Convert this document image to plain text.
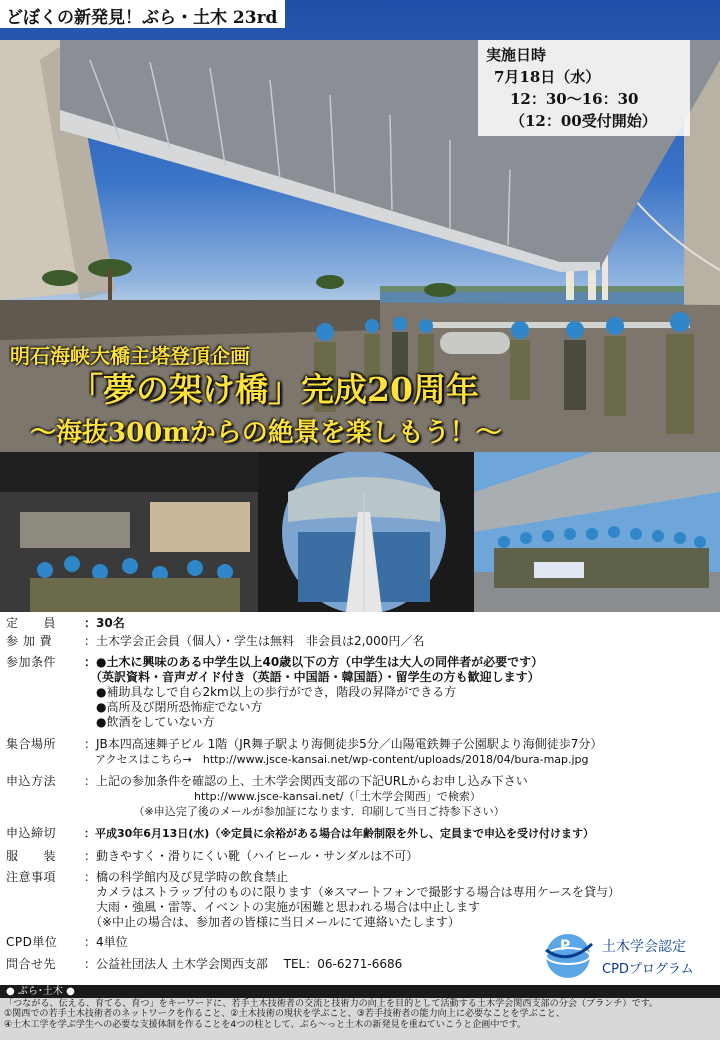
どぼくの新発見！ぶら・土木 23rd
実施日時
7月18日（水）
12：30～16：30
（12：00受付開始）
明石海峡大橋主塔登頂企画
「夢の架け橋」完成20周年
～海抜300mからの絶景を楽しもう！～
定　　員	：30名
参 加 費	：土木学会正会員（個人）・学生は無料　非会員は2,000円／名
参加条件	：●土木に興味のある中学生以上40歳以下の方（中学生は大人の同伴者が必要です）
　（英訳資料・音声ガイド付き（英語・中国語・韓国語）・留学生の方も歓迎します）
　●補助具なしで自ら2km以上の歩行ができ，階段の昇降ができる方
　●高所及び閉所恐怖症でない方
　●飲酒をしていない方
集合場所	：JB本四高速舞子ビル 1階（JR舞子駅より海側徒歩5分／山陽電鉄舞子公園駅より海側徒歩7分）
　アクセスはこちら→　http://www.jsce-kansai.net/wp-content/uploads/2018/04/bura-map.jpg
申込方法	：上記の参加条件を確認の上、土木学会関西支部の下記URLからお申し込み下さい
　　　　　　　　　　http://www.jsce-kansai.net/（「土木学会関西」で検索）
　　　　　（※申込完了後のメールが参加証になります．印刷して当日ご持参下さい）
申込締切	：平成30年6月13日(水)（※定員に余裕がある場合は年齢制限を外し、定員まで申込を受け付けます）
服　　装	：動きやすく・滑りにくい靴（ハイヒール・サンダルは不可）
注意事項	：橋の科学館内及び見学時の飲食禁止
　カメラはストラップ付のものに限ります（※スマートフォンで撮影する場合は専用ケースを貸与）
　大雨・強風・雷等、イベントの実施が困難と思われる場合は中止します
　（※中止の場合は、参加者の皆様に当日メールにて連絡いたします）
CPD単位	：4単位
問合せ先	：公益社団法人 土木学会関西支部　 TEL：06-6271-6686
P 土木学会認定
CPDプログラム
● ぶら･土木 ●
「つながる、伝える、育てる、育つ」をキーワードに、若手土木技術者の交流と技術力の向上を目的として活動する土木学会関西支部の分会（ブランチ）です。
①関西での若手土木技術者のネットワークを作ること、②土木技術の現状を学ぶこと、③若手技術者の能力向上に必要なことを学ぶこと、
④土木工学を学ぶ学生への必要な支援体制を作ることを4つの柱として、ぶら～っと土木の新発見を重ねていこうと企画中です。
